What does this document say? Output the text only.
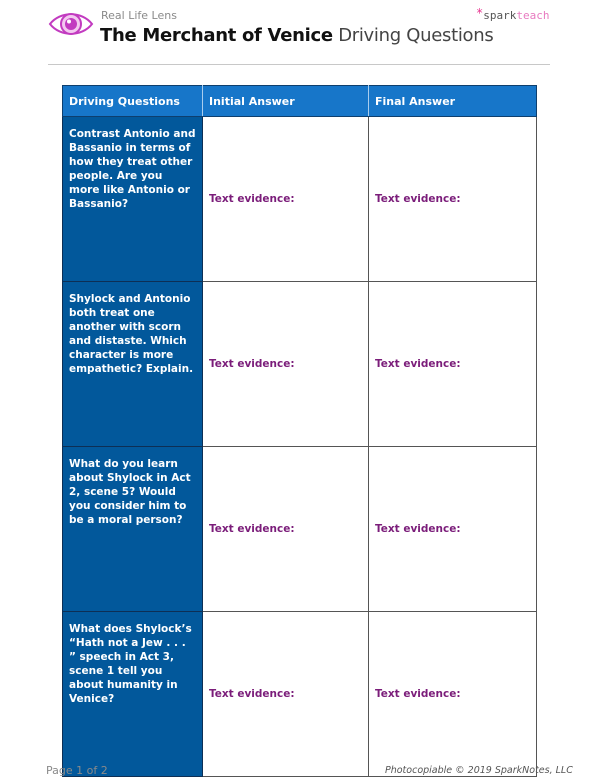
Real Life Lens
The Merchant of Venice Driving Questions
*sparkteach
Driving Questions	Initial Answer	Final Answer
Contrast Antonio and Bassanio in terms of how they treat other people. Are you more like Antonio or Bassanio?	Text evidence:	Text evidence:
Shylock and Antonio both treat one another with scorn and distaste. Which character is more empathetic? Explain.	Text evidence:	Text evidence:
What do you learn about Shylock in Act 2, scene 5? Would you consider him to be a moral person?	Text evidence:	Text evidence:
What does Shylock’s “Hath not a Jew . . . ” speech in Act 3, scene 1 tell you about humanity in Venice?	Text evidence:	Text evidence:
Page 1 of 2	Photocopiable © 2019 SparkNotes, LLC
